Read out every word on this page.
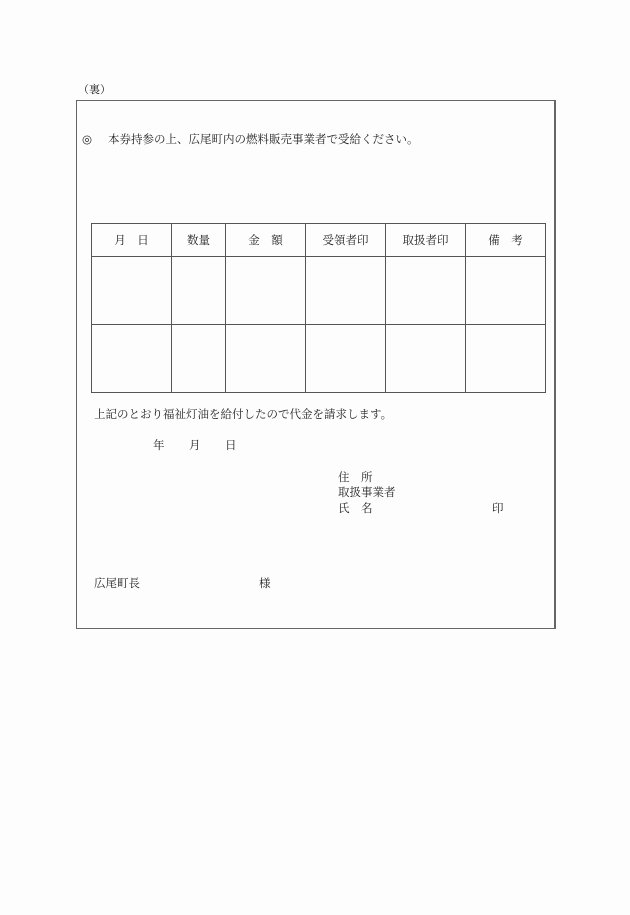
（裏）
◎ 本券持参の上、広尾町内の燃料販売事業者で受給ください。
月　日	数量	金　額	受領者印	取扱者印	備　考

上記のとおり福祉灯油を給付したので代金を請求します。
年 月 日
住　所
取扱事業者
氏　名	印
広尾町長	様
